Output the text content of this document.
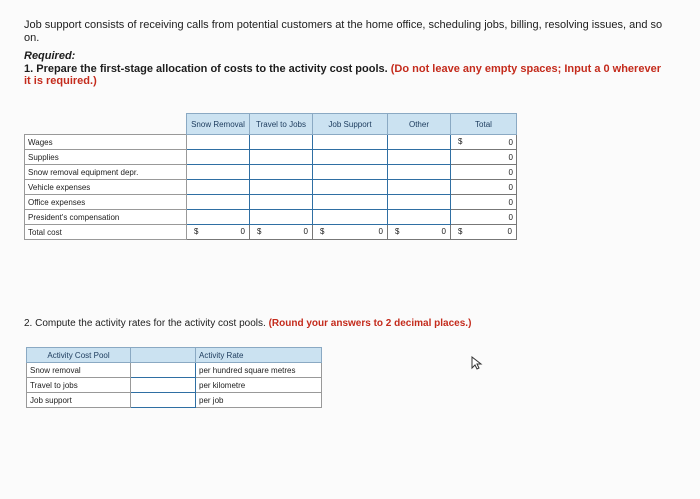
Job support consists of receiving calls from potential customers at the home office, scheduling jobs, billing, resolving issues, and so on.
Required:
1. Prepare the first-stage allocation of costs to the activity cost pools. (Do not leave any empty spaces; Input a 0 wherever it is required.)
	Snow Removal	Travel to Jobs	Job Support	Other	Total
Wages					$ 0
Supplies					0
Snow removal equipment depr.					0
Vehicle expenses					0
Office expenses					0
President's compensation					0
Total cost	$ 0	$ 0	$ 0	$ 0	$ 0
2. Compute the activity rates for the activity cost pools. (Round your answers to 2 decimal places.)
Activity Cost Pool		Activity Rate
Snow removal		per hundred square metres
Travel to jobs		per kilometre
Job support		per job
